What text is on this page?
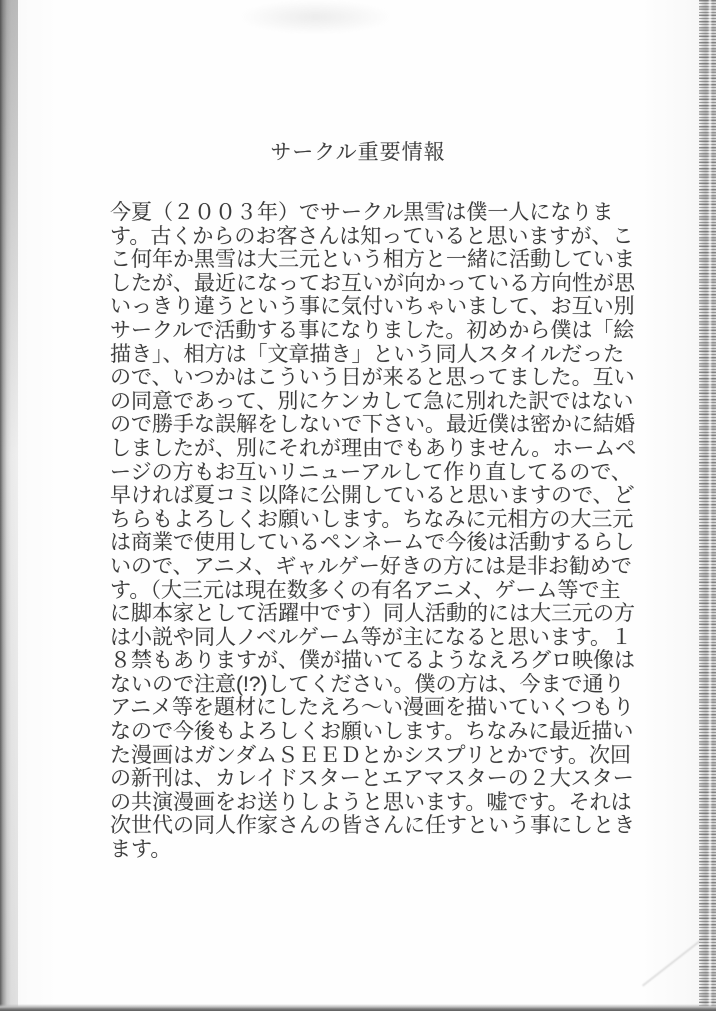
サークル重要情報
今夏（２００３年）でサークル黒雪は僕一人になりま
す。古くからのお客さんは知っていると思いますが、こ
こ何年か黒雪は大三元という相方と一緒に活動していま
したが、最近になってお互いが向かっている方向性が思
いっきり違うという事に気付いちゃいまして、お互い別
サークルで活動する事になりました。初めから僕は「絵
描き」、相方は「文章描き」という同人スタイルだった
ので、いつかはこういう日が来ると思ってました。互い
の同意であって、別にケンカして急に別れた訳ではない
ので勝手な誤解をしないで下さい。最近僕は密かに結婚
しましたが、別にそれが理由でもありません。ホームペ
ージの方もお互いリニューアルして作り直してるので、
早ければ夏コミ以降に公開していると思いますので、ど
ちらもよろしくお願いします。ちなみに元相方の大三元
は商業で使用しているペンネームで今後は活動するらし
いので、アニメ、ギャルゲー好きの方には是非お勧めで
す。（大三元は現在数多くの有名アニメ、ゲーム等で主
に脚本家として活躍中です）同人活動的には大三元の方
は小説や同人ノベルゲーム等が主になると思います。１
８禁もありますが、僕が描いてるようなえろグロ映像は
ないので注意(!?)してください。僕の方は、今まで通り
アニメ等を題材にしたえろ～い漫画を描いていくつもり
なので今後もよろしくお願いします。ちなみに最近描い
た漫画はガンダムＳＥＥＤとかシスプリとかです。次回
の新刊は、カレイドスターとエアマスターの２大スター
の共演漫画をお送りしようと思います。嘘です。それは
次世代の同人作家さんの皆さんに任すという事にしとき
ます。
